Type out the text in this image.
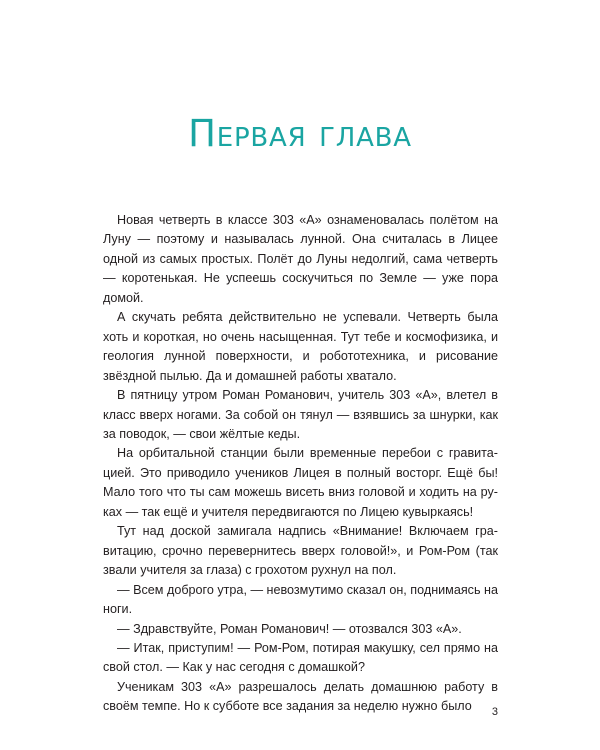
Первая глава

Новая четверть в классе 303 «А» ознаменовалась полётом на Луну — поэтому и называлась лунной. Она считалась в Лицее одной из самых простых. Полёт до Луны недолгий, сама четверть — коротенькая. Не успеешь соскучиться по Земле — уже пора домой.

А скучать ребята действительно не успевали. Четверть была хоть и короткая, но очень насыщенная. Тут тебе и космофизика, и геология лунной поверхности, и робототехника, и рисование звёздной пылью. Да и домашней работы хватало.

В пятницу утром Роман Романович, учитель 303 «А», влетел в класс вверх ногами. За собой он тянул — взявшись за шнурки, как за поводок, — свои жёлтые кеды.

На орбитальной станции были временные перебои с гравитацией. Это приводило учеников Лицея в полный восторг. Ещё бы! Мало того что ты сам можешь висеть вниз головой и ходить на руках — так ещё и учителя передвигаются по Лицею кувыркаясь!

Тут над доской замигала надпись «Внимание! Включаем гравитацию, срочно перевернитесь вверх головой!», и Ром-Ром (так звали учителя за глаза) с грохотом рухнул на пол.

— Всем доброго утра, — невозмутимо сказал он, поднимаясь на ноги.

— Здравствуйте, Роман Романович! — отозвался 303 «А».

— Итак, приступим! — Ром-Ром, потирая макушку, сел прямо на свой стол. — Как у нас сегодня с домашкой?

Ученикам 303 «А» разрешалось делать домашнюю работу в своём темпе. Но к субботе все задания за неделю нужно было	3
